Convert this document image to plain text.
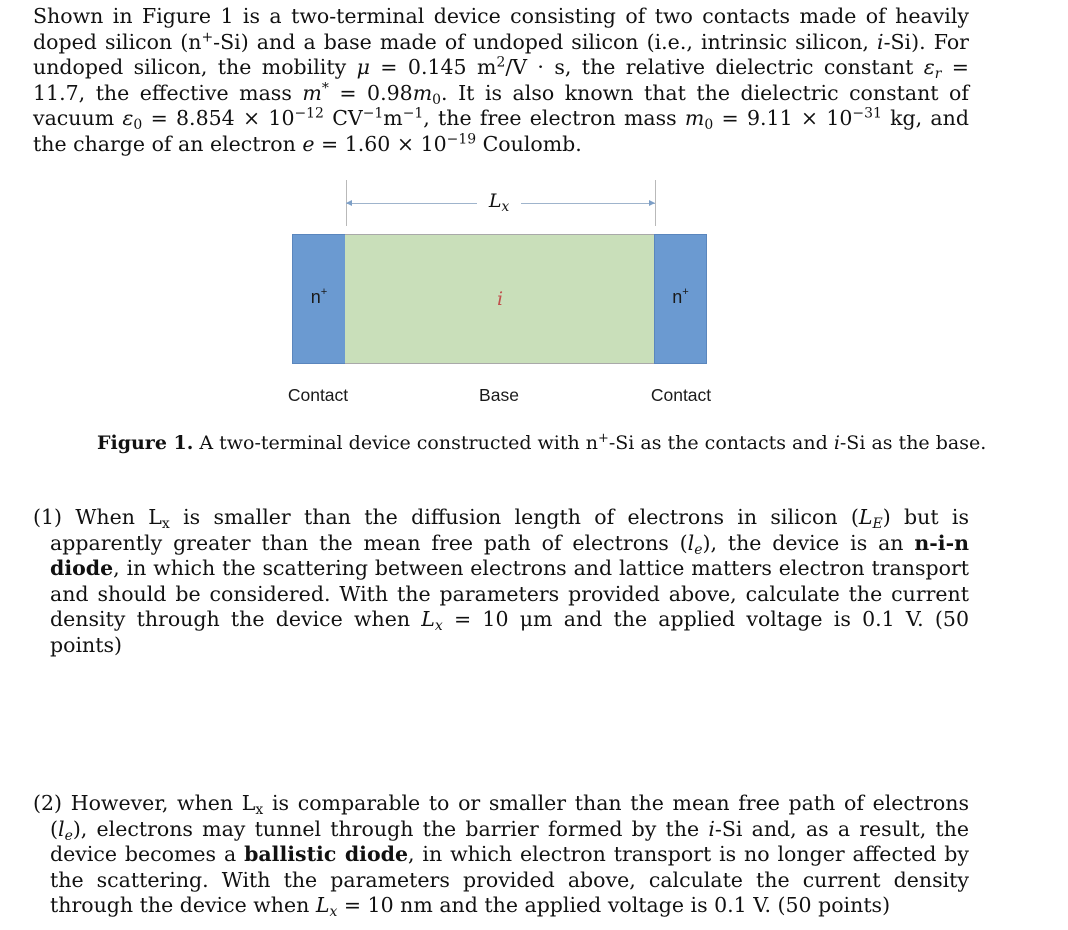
Shown in Figure 1 is a two-terminal device consisting of two contacts made of heavily doped silicon (n+-Si) and a base made of undoped silicon (i.e., intrinsic silicon, i-Si). For undoped silicon, the mobility μ = 0.145 $m^2/V \cdot s$, the relative dielectric constant $\varepsilon_r = 11.7$, the effective mass $m^* = 0.98m_0$. It is also known that the dielectric constant of vacuum $\varepsilon_0 = 8.854 \times 10^{-12}$ $CV^{-1}m^{-1}$, the free electron mass $m_0 = 9.11 \times 10^{-31}$ kg, and the charge of an electron $e = 1.60 \times 10^{-19}$ Coulomb.

$L_x$
n+	i	n+
Contact	Base	Contact
Figure 1. A two-terminal device constructed with n+-Si as the contacts and i-Si as the base.

(1) When $L_x$ is smaller than the diffusion length of electrons in silicon $(L_E)$ but is apparently greater than the mean free path of electrons $(l_e)$, the device is an n-i-n diode, in which the scattering between electrons and lattice matters electron transport and should be considered. With the parameters provided above, calculate the current density through the device when $L_x = 10$ μm and the applied voltage is 0.1 V. (50 points)

(2) However, when $L_x$ is comparable to or smaller than the mean free path of electrons $(l_e)$, electrons may tunnel through the barrier formed by the i-Si and, as a result, the device becomes a ballistic diode, in which electron transport is no longer affected by the scattering. With the parameters provided above, calculate the current density through the device when $L_x = 10$ nm and the applied voltage is 0.1 V. (50 points)
